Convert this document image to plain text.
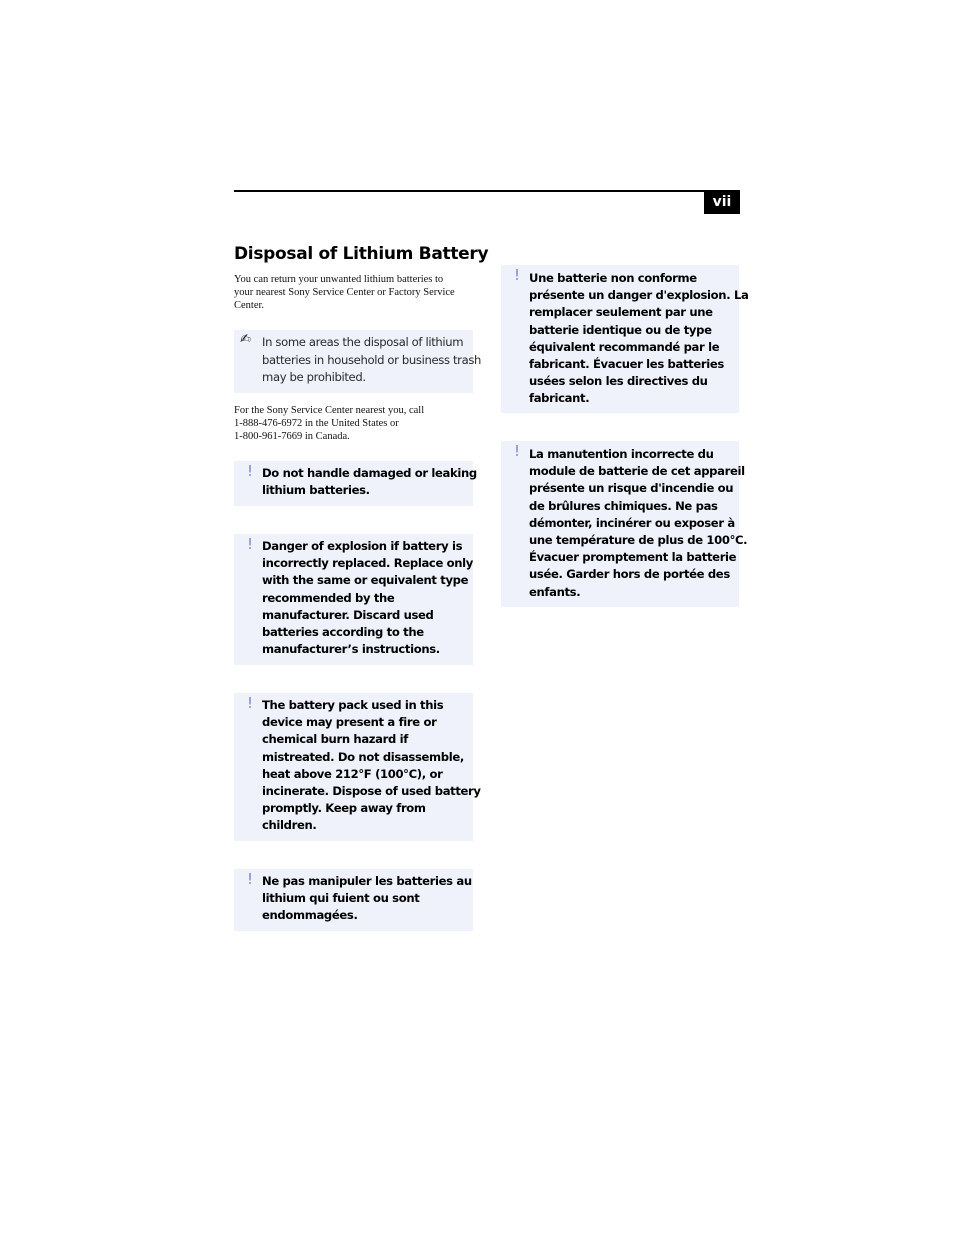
vii
Disposal of Lithium Battery

You can return your unwanted lithium batteries to
your nearest Sony Service Center or Factory Service
Center.

✍ In some areas the disposal of lithium
batteries in household or business trash
may be prohibited.

For the Sony Service Center nearest you, call
1-888-476-6972 in the United States or
1-800-961-7669 in Canada.

! Do not handle damaged or leaking
lithium batteries.

! Danger of explosion if battery is
incorrectly replaced. Replace only
with the same or equivalent type
recommended by the
manufacturer. Discard used
batteries according to the
manufacturer’s instructions.

! The battery pack used in this
device may present a fire or
chemical burn hazard if
mistreated. Do not disassemble,
heat above 212°F (100°C), or
incinerate. Dispose of used battery
promptly. Keep away from
children.

! Ne pas manipuler les batteries au
lithium qui fuient ou sont
endommagées.

! Une batterie non conforme
présente un danger d'explosion. La
remplacer seulement par une
batterie identique ou de type
équivalent recommandé par le
fabricant. Évacuer les batteries
usées selon les directives du
fabricant.

! La manutention incorrecte du
module de batterie de cet appareil
présente un risque d'incendie ou
de brûlures chimiques. Ne pas
démonter, incinérer ou exposer à
une température de plus de 100°C.
Évacuer promptement la batterie
usée. Garder hors de portée des
enfants.
